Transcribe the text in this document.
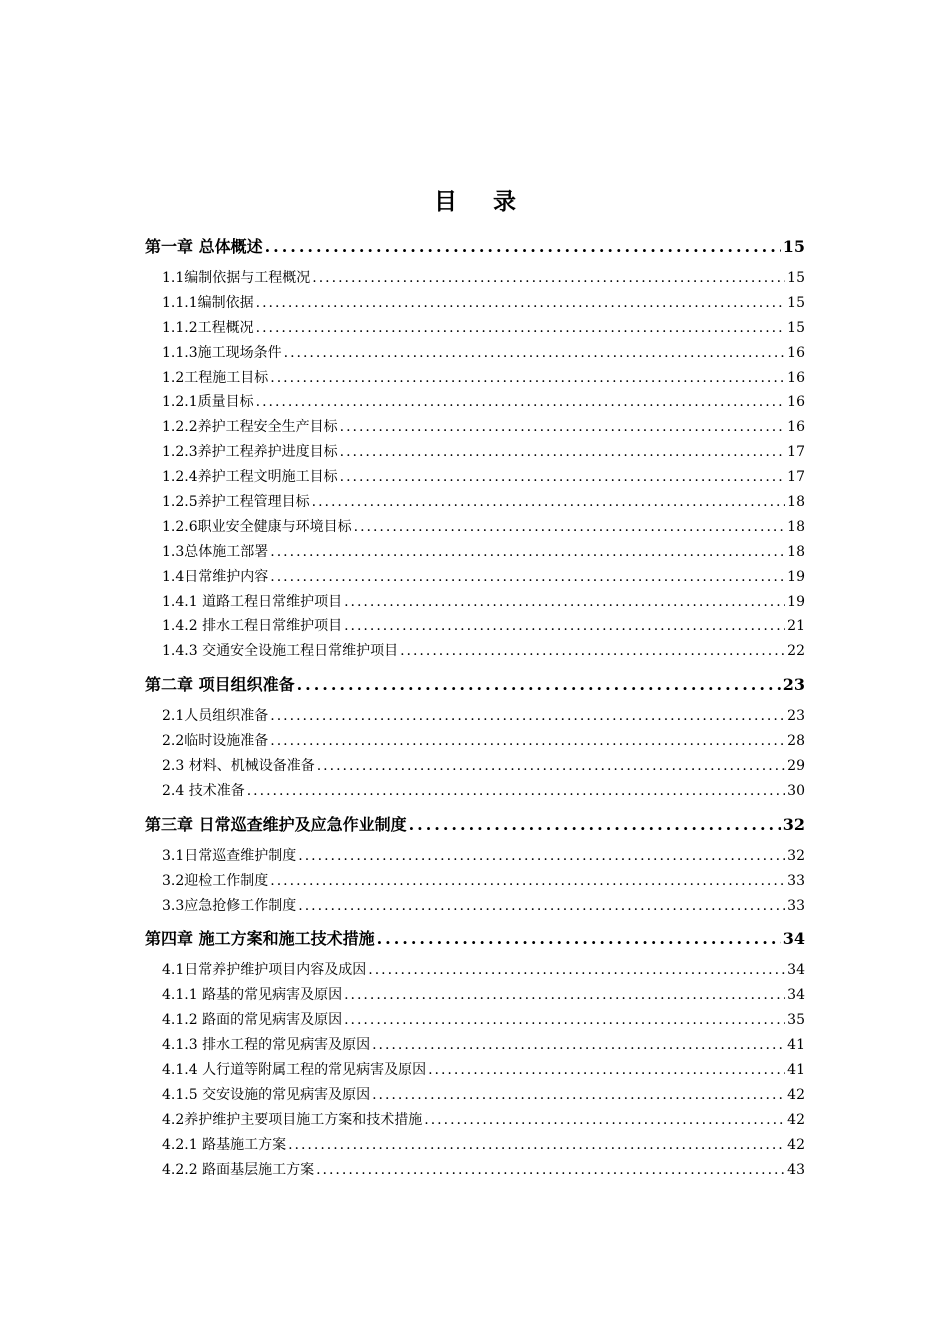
目 录
第一章 总体概述 .....	15
1.1编制依据与工程概况 .....	15
1.1.1编制依据 .....	15
1.1.2工程概况 .....	15
1.1.3施工现场条件 .....	16
1.2工程施工目标 .....	16
1.2.1质量目标 .....	16
1.2.2养护工程安全生产目标 .....	16
1.2.3养护工程养护进度目标 .....	17
1.2.4养护工程文明施工目标 .....	17
1.2.5养护工程管理目标 .....	18
1.2.6职业安全健康与环境目标 .....	18
1.3总体施工部署 .....	18
1.4日常维护内容 .....	19
1.4.1 道路工程日常维护项目 .....	19
1.4.2 排水工程日常维护项目 .....	21
1.4.3 交通安全设施工程日常维护项目 .....	22
第二章 项目组织准备 .....	23
2.1人员组织准备 .....	23
2.2临时设施准备 .....	28
2.3 材料、机械设备准备 .....	29
2.4 技术准备 .....	30
第三章 日常巡查维护及应急作业制度 .....	32
3.1日常巡查维护制度 .....	32
3.2迎检工作制度 .....	33
3.3应急抢修工作制度 .....	33
第四章 施工方案和施工技术措施 .....	34
4.1日常养护维护项目内容及成因 .....	34
4.1.1 路基的常见病害及原因 .....	34
4.1.2 路面的常见病害及原因 .....	35
4.1.3 排水工程的常见病害及原因 .....	41
4.1.4 人行道等附属工程的常见病害及原因 .....	41
4.1.5 交安设施的常见病害及原因 .....	42
4.2养护维护主要项目施工方案和技术措施 .....	42
4.2.1 路基施工方案 .....	42
4.2.2 路面基层施工方案 .....	43
